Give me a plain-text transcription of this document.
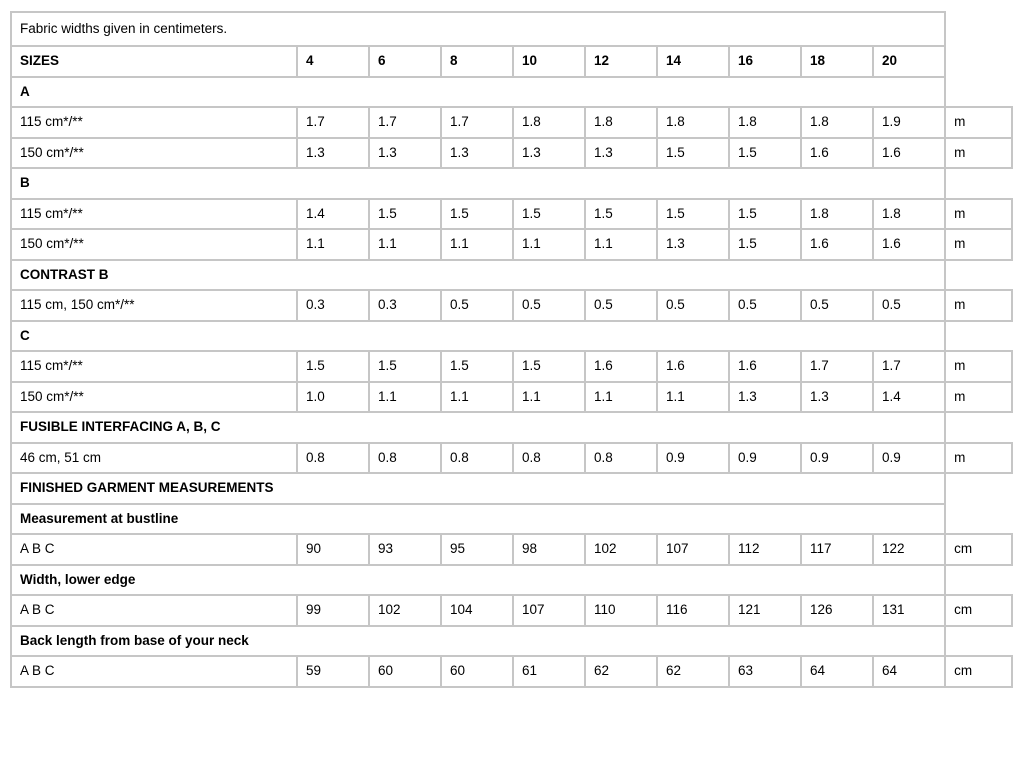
Fabric widths given in centimeters.										
SIZES	4	6	8	10	12	14	16	18	20	
A										
115 cm*/**	1.7	1.7	1.7	1.8	1.8	1.8	1.8	1.8	1.9	m
150 cm*/**	1.3	1.3	1.3	1.3	1.3	1.5	1.5	1.6	1.6	m
B										
115 cm*/**	1.4	1.5	1.5	1.5	1.5	1.5	1.5	1.8	1.8	m
150 cm*/**	1.1	1.1	1.1	1.1	1.1	1.3	1.5	1.6	1.6	m
CONTRAST B										
115 cm, 150 cm*/**	0.3	0.3	0.5	0.5	0.5	0.5	0.5	0.5	0.5	m
C										
115 cm*/**	1.5	1.5	1.5	1.5	1.6	1.6	1.6	1.7	1.7	m
150 cm*/**	1.0	1.1	1.1	1.1	1.1	1.1	1.3	1.3	1.4	m
FUSIBLE INTERFACING A, B, C										
46 cm, 51 cm	0.8	0.8	0.8	0.8	0.8	0.9	0.9	0.9	0.9	m
FINISHED GARMENT MEASUREMENTS										
Measurement at bustline										
A B C	90	93	95	98	102	107	112	117	122	cm
Width, lower edge										
A B C	99	102	104	107	110	116	121	126	131	cm
Back length from base of your neck										
A B C	59	60	60	61	62	62	63	64	64	cm
